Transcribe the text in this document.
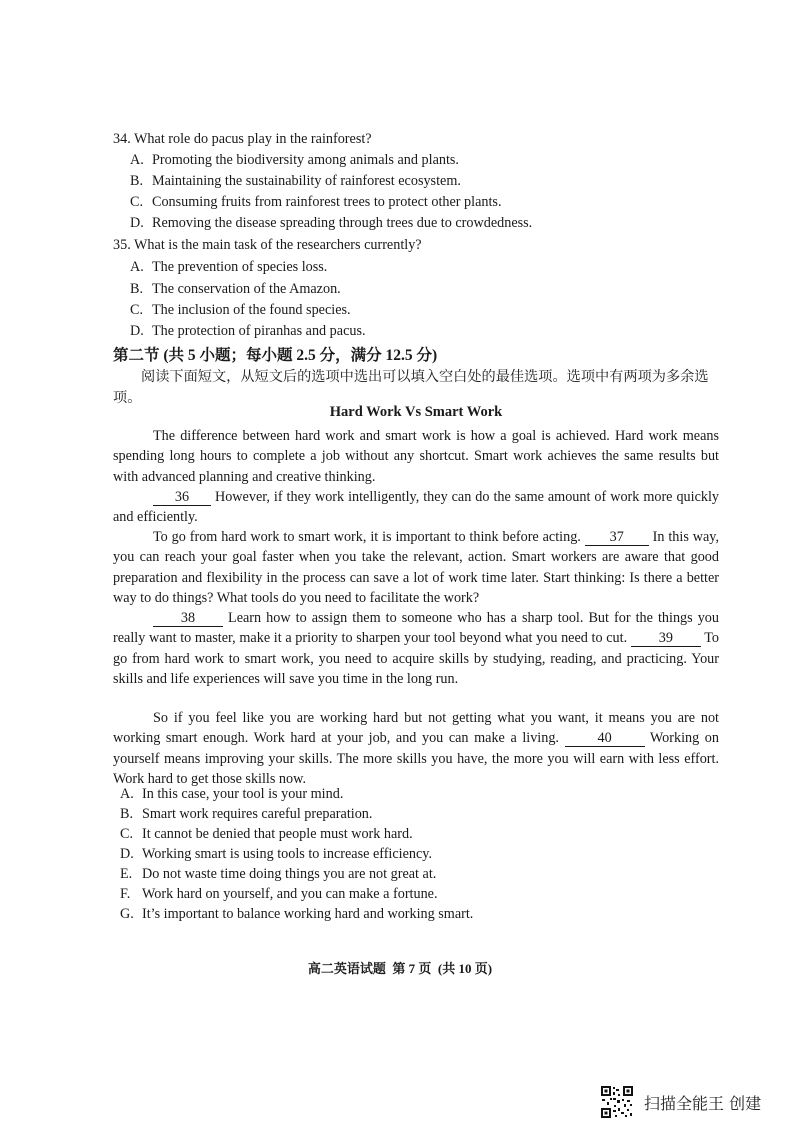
34. What role do pacus play in the rainforest?
A. Promoting the biodiversity among animals and plants.
B. Maintaining the sustainability of rainforest ecosystem.
C. Consuming fruits from rainforest trees to protect other plants.
D. Removing the disease spreading through trees due to crowdedness.
35. What is the main task of the researchers currently?
A. The prevention of species loss.
B. The conservation of the Amazon.
C. The inclusion of the found species.
D. The protection of piranhas and pacus.
第二节 (共 5 小题；每小题 2.5 分，满分 12.5 分)
阅读下面短文，从短文后的选项中选出可以填入空白处的最佳选项。选项中有两项为多余选项。
Hard Work Vs Smart Work
The difference between hard work and smart work is how a goal is achieved. Hard work means spending long hours to complete a job without any shortcut. Smart work achieves the same results but with advanced planning and creative thinking.
36 However, if they work intelligently, they can do the same amount of work more quickly and efficiently.
To go from hard work to smart work, it is important to think before acting. 37 In this way, you can reach your goal faster when you take the relevant, action. Smart workers are aware that good preparation and flexibility in the process can save a lot of work time later. Start thinking: Is there a better way to do things? What tools do you need to facilitate the work?
38 Learn how to assign them to someone who has a sharp tool. But for the things you really want to master, make it a priority to sharpen your tool beyond what you need to cut. 39 To go from hard work to smart work, you need to acquire skills by studying, reading, and practicing. Your skills and life experiences will save you time in the long run.
So if you feel like you are working hard but not getting what you want, it means you are not working smart enough. Work hard at your job, and you can make a living. 40 Working on yourself means improving your skills. The more skills you have, the more you will earn with less effort. Work hard to get those skills now.
A. In this case, your tool is your mind.
B. Smart work requires careful preparation.
C. It cannot be denied that people must work hard.
D. Working smart is using tools to increase efficiency.
E. Do not waste time doing things you are not great at.
F. Work hard on yourself, and you can make a fortune.
G. It’s important to balance working hard and working smart.
高二英语试题  第 7 页  (共 10 页)
扫描全能王 创建
